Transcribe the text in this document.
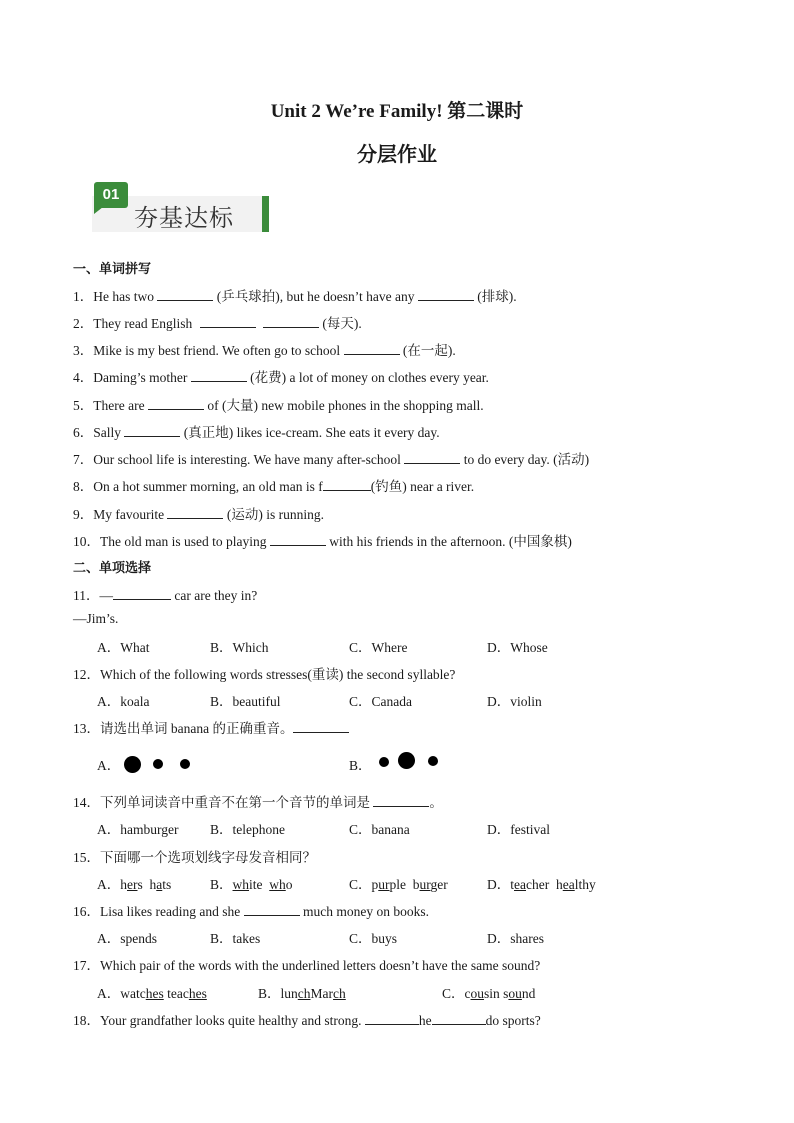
Unit 2 We’re Family! 第二课时
分层作业
01
夯基达标
一、单词拼写
1．He has two	(乒乓球拍), but he doesn’t have any	(排球).
2．They read English	(每天).
3．Mike is my best friend. We often go to school	(在一起).
4．Daming’s mother	(花费) a lot of money on clothes every year.
5．There are	of (大量) new mobile phones in the shopping mall.
6．Sally	(真正地) likes ice-cream. She eats it every day.
7．Our school life is interesting. We have many after-school	to do every day. (活动)
8．On a hot summer morning, an old man is f	(钓鱼) near a river.
9．My favourite	(运动) is running.
10．The old man is used to playing	with his friends in the afternoon. (中国象棋)
二、单项选择
11．—	car are they in?
—Jim’s.
A．What	B．Which	C．Where	D．Whose
12．Which of the following words stresses(重读) the second syllable?
A．koala	B．beautiful	C．Canada	D．violin
13．请选出单词 banana 的正确重音。
A．	B．
14．下列单词读音中重音不在第一个音节的单词是	。
A．hamburger B．telephone	C．banana	D．festival
15．下面哪一个选项划线字母发音相同？
A．hers hats	B．white who	C．purple burger	D．teacher healthy
16．Lisa likes reading and she	much money on books.
A．spends	B．takes	C．buys	D．shares
17．Which pair of the words with the underlined letters doesn’t have the same sound?
A．watches teaches	B．lunchMarch	C．cousin sound
18．Your grandfather looks quite healthy and strong.	he	do sports?
